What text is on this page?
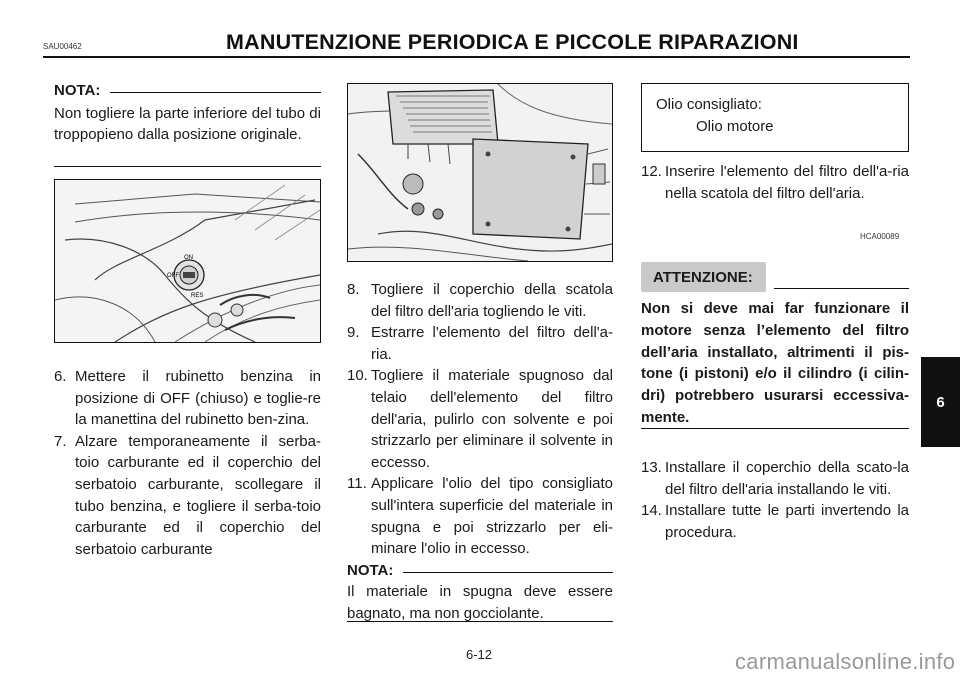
SAU00462	MANUTENZIONE PERIODICA E PICCOLE RIPARAZIONI
NOTA:

Non togliere la parte inferiore del tubo di troppopieno dalla posizione originale.

ON
OFF
RES
6. Mettere il rubinetto benzina in posizione di OFF (chiuso) e toglie-re la manettina del rubinetto ben-zina.
7. Alzare temporaneamente il serba-toio carburante ed il coperchio del serbatoio carburante, scollegare il tubo benzina, e togliere il serba-toio carburante ed il coperchio del serbatoio carburante
8. Togliere il coperchio della scatola del filtro dell'aria togliendo le viti.
9. Estrarre l'elemento del filtro dell'a-ria.
10. Togliere il materiale spugnoso dal telaio dell'elemento del filtro dell'aria, pulirlo con solvente e poi strizzarlo per eliminare il solvente in eccesso.
11. Applicare l'olio del tipo consigliato sull'intera superficie del materiale in spugna e poi strizzarlo per eli-minare l'olio in eccesso.
NOTA:

Il materiale in spugna deve essere bagnato, ma non gocciolante.

Olio consigliato:
Olio motore
12. Inserire l'elemento del filtro dell'a-ria nella scatola del filtro dell'aria.
HCA00089
ATTENZIONE:
Non si deve mai far funzionare il motore senza l’elemento del filtro dell’aria installato, altrimenti il pis-tone (i pistoni) e/o il cilindro (i cilin-dri) potrebbero usurarsi eccessiva-mente.
13. Installare il coperchio della scato-la del filtro dell'aria installando le viti.
14. Installare tutte le parti invertendo la procedura.
6
6-12	carmanualsonline.info
